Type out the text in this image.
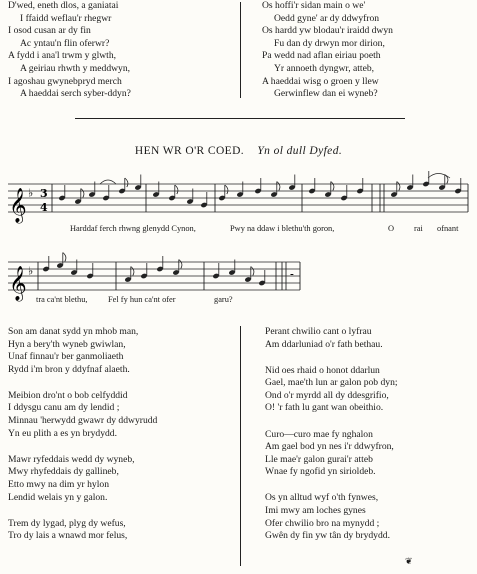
D'wed, eneth dlos, a ganiatai
I ffaidd weflau'r rhegwr
I osod cusan ar dy fin
Ac yntau'n flin oferwr?
A fydd i ana'l trwm y glwth,
A geiriau rhwth y meddwyn,
I agoshau gwynebpryd merch
A haeddai serch syber-ddyn?
Os hoffi'r sidan main o we'
Oedd gyne' ar dy ddwyfron
Os hardd yw blodau'r iraidd dwyn
Fu dan dy drwyn mor dirion,
Pa wedd nad aflan eiriau poeth
Yr annoeth dyngwr, atteb,
A haeddai wisg o groen y llew
Gerwinflew dan ei wyneb?
HEN WR O'R COED. Yn ol dull Dyfed.
𝄞 ♭ 3
4
Harddaf ferch rhwng glenydd Cynon,	Pwy na ddaw i blethu'th goron,	O rai ofnant
𝄞 ♭	𝄻
tra ca'nt blethu, Fel fy hun ca'nt ofer	garu?
Son am danat sydd yn mhob man,
Hyn a bery'th wyneb gwiwlan,
Unaf finnau'r ber ganmoliaeth
Rydd i'm bron y ddyfnaf alaeth.
Meibion dro'nt o bob celfyddid
I ddysgu canu am dy lendid ;
Minnau 'herwydd gwawr dy ddwyrudd
Yn eu plith a es yn brydydd.
Mawr ryfeddais wedd dy wyneb,
Mwy rhyfeddais dy gallineb,
Etto mwy na dim yr hylon
Lendid welais yn y galon.
Trem dy lygad, plyg dy wefus,
Tro dy lais a wnawd mor felus,
Perant chwilio cant o lyfrau
Am ddarluniad o'r fath bethau.
Nid oes rhaid o honot ddarlun
Gael, mae'th lun ar galon pob dyn;
Ond o'r myrdd all dy ddesgrifio,
O! 'r fath lu gant wan obeithio.
Curo—curo mae fy nghalon
Am gael bod yn nes i'r ddwyfron,
Lle mae'r galon gurai'r atteb
Wnae fy ngofid yn sirioldeb.
Os yn alltud wyf o'th fynwes,
Imi mwy am loches gynes
Ofer chwilio bro na mynydd ;
Gwên dy fin yw tân dy brydydd.
❦
